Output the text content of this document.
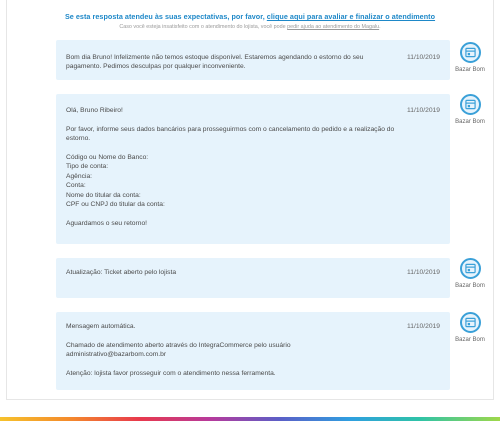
Se esta resposta atendeu às suas expectativas, por favor, clique aqui para avaliar e finalizar o atendimento
Caso você esteja insatisfeito com o atendimento do lojista, você pode pedir ajuda ao atendimento do Magalu.
11/10/2019
Bom dia Bruno! Infelizmente não temos estoque disponível. Estaremos agendando o estorno do seu pagamento. Pedimos desculpas por qualquer inconveniente.	Bazar Bom
11/10/2019
Olá, Bruno Ribeiro!

Por favor, informe seus dados bancários para prosseguirmos com o cancelamento do pedido e a realização do estorno.

Código ou Nome do Banco:
Tipo de conta:
Agência:
Conta:
Nome do titular da conta:
CPF ou CNPJ do titular da conta:

Aguardamos o seu retorno!
Bazar Bom
11/10/2019
Atualização: Ticket aberto pelo lojista
Bazar Bom
11/10/2019
Mensagem automática.

Chamado de atendimento aberto através do IntegraCommerce pelo usuário administrativo@bazarbom.com.br

Atenção: lojista favor prosseguir com o atendimento nessa ferramenta.
Bazar Bom
